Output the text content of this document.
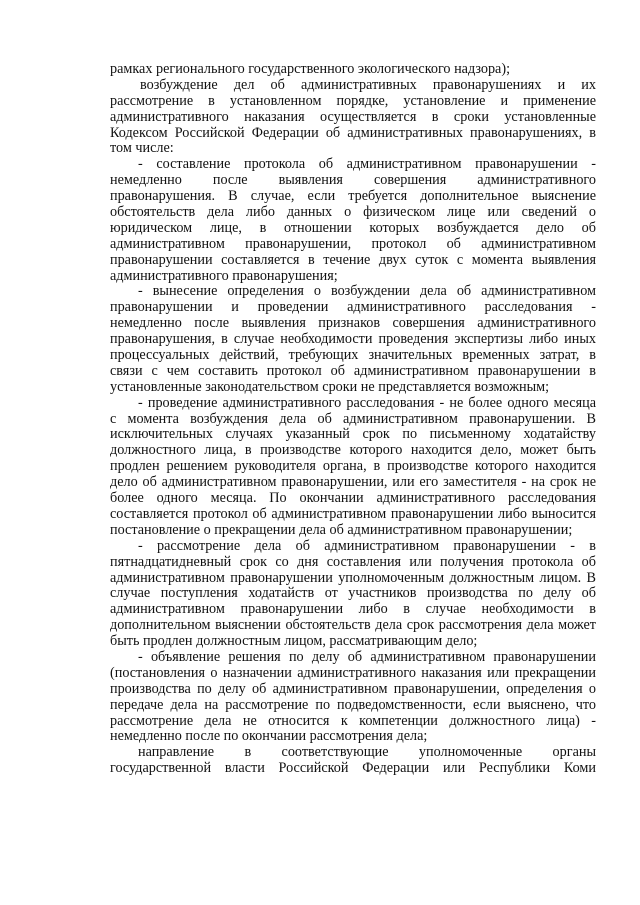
рамках регионального государственного экологического надзора);
возбуждение дел об административных правонарушениях и их
рассмотрение в установленном порядке, установление и применение
административного наказания осуществляется в сроки установленные
Кодексом Российской Федерации об административных правонарушениях, в
том числе:
- составление протокола об административном правонарушении -
немедленно после выявления совершения административного
правонарушения. В случае, если требуется дополнительное выяснение
обстоятельств дела либо данных о физическом лице или сведений о
юридическом лице, в отношении которых возбуждается дело об
административном правонарушении, протокол об административном
правонарушении составляется в течение двух суток с момента выявления
административного правонарушения;
- вынесение определения о возбуждении дела об административном
правонарушении и проведении административного расследования -
немедленно после выявления признаков совершения административного
правонарушения, в случае необходимости проведения экспертизы либо иных
процессуальных действий, требующих значительных временных затрат, в
связи с чем составить протокол об административном правонарушении в
установленные законодательством сроки не представляется возможным;
- проведение административного расследования - не более одного месяца
с момента возбуждения дела об административном правонарушении. В
исключительных случаях указанный срок по письменному ходатайству
должностного лица, в производстве которого находится дело, может быть
продлен решением руководителя органа, в производстве которого находится
дело об административном правонарушении, или его заместителя - на срок не
более одного месяца. По окончании административного расследования
составляется протокол об административном правонарушении либо выносится
постановление о прекращении дела об административном правонарушении;
- рассмотрение дела об административном правонарушении - в
пятнадцатидневный срок со дня составления или получения протокола об
административном правонарушении уполномоченным должностным лицом. В
случае поступления ходатайств от участников производства по делу об
административном правонарушении либо в случае необходимости в
дополнительном выяснении обстоятельств дела срок рассмотрения дела может
быть продлен должностным лицом, рассматривающим дело;
- объявление решения по делу об административном правонарушении
(постановления о назначении административного наказания или прекращении
производства по делу об административном правонарушении, определения о
передаче дела на рассмотрение по подведомственности, если выяснено, что
рассмотрение дела не относится к компетенции должностного лица) -
немедленно после по окончании рассмотрения дела;
направление в соответствующие уполномоченные органы
государственной власти Российской Федерации или Республики Коми
